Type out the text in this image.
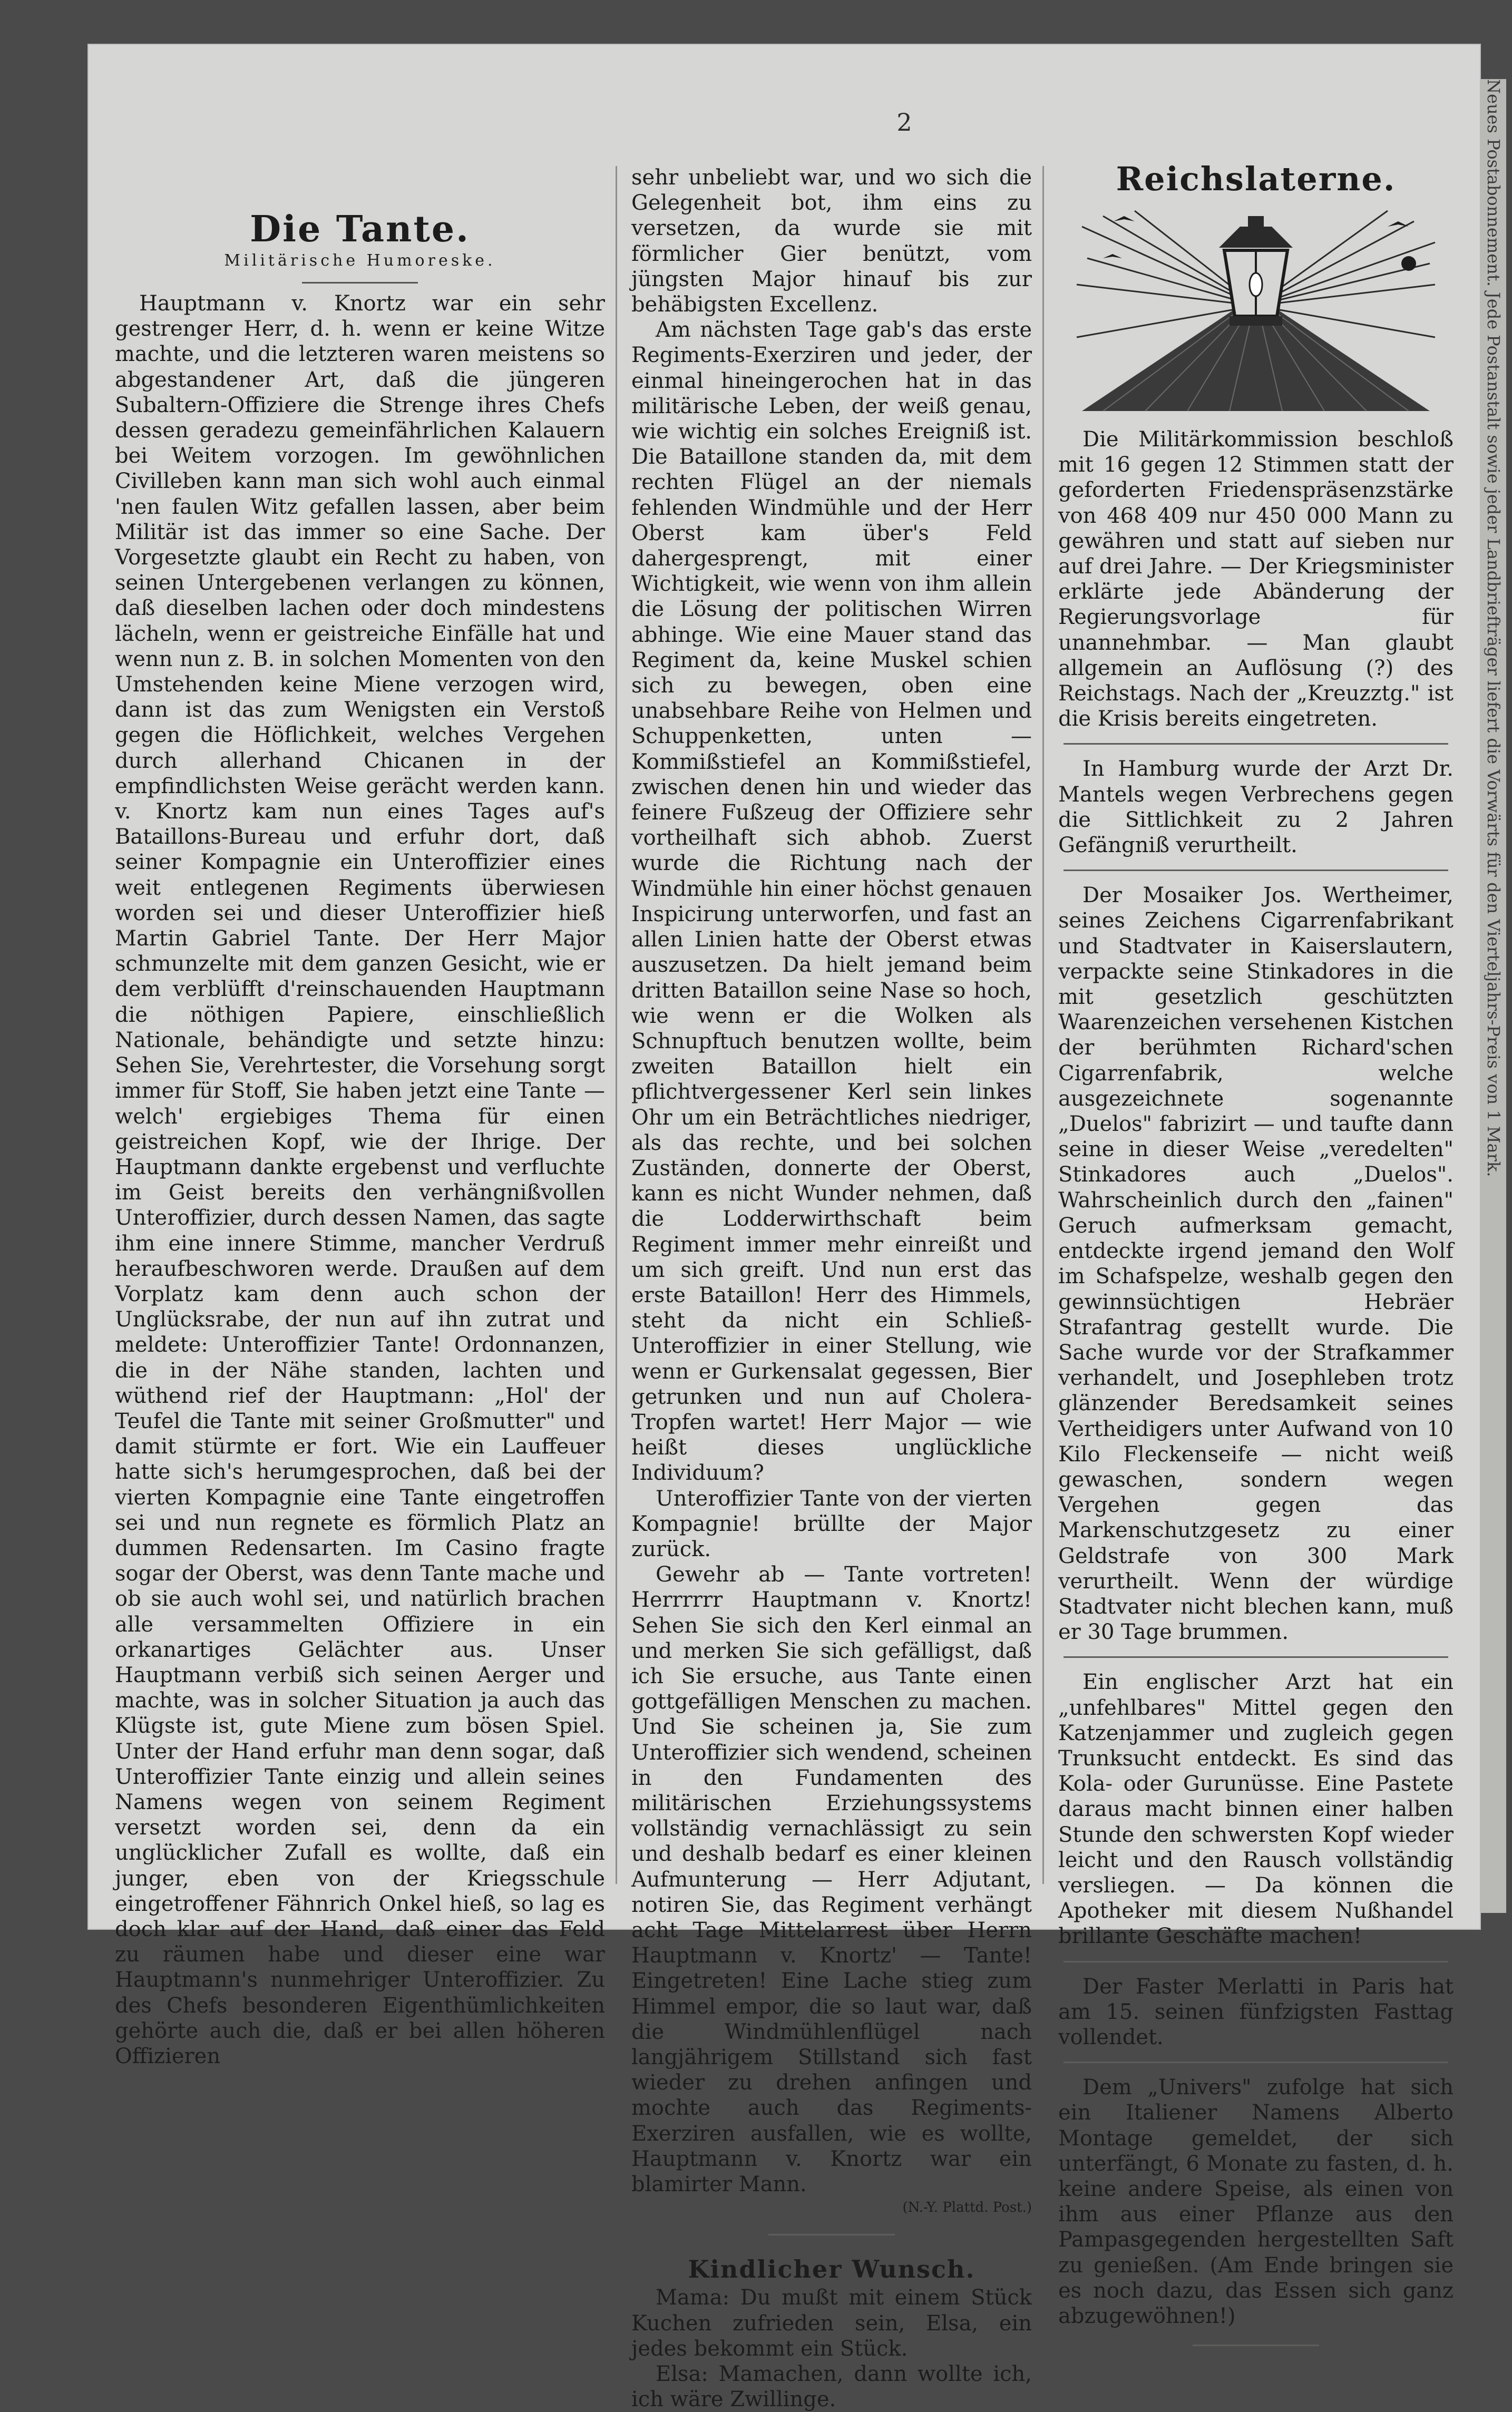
2

Die Tante.

Militärische Humoreske.

Hauptmann v. Knortz war ein sehr gestrenger Herr, d. h. wenn er keine Witze machte, und die letzteren waren meistens so abgestandener Art, daß die jüngeren Subaltern-Offiziere die Strenge ihres Chefs dessen geradezu gemeinfährlichen Kalauern bei Weitem vorzogen. Im gewöhnlichen Civilleben kann man sich wohl auch einmal 'nen faulen Witz gefallen lassen, aber beim Militär ist das immer so eine Sache. Der Vorgesetzte glaubt ein Recht zu haben, von seinen Untergebenen verlangen zu können, daß dieselben lachen oder doch mindestens lächeln, wenn er geistreiche Einfälle hat und wenn nun z. B. in solchen Momenten von den Umstehenden keine Miene verzogen wird, dann ist das zum Wenigsten ein Verstoß gegen die Höflichkeit, welches Vergehen durch allerhand Chicanen in der empfindlichsten Weise gerächt werden kann. v. Knortz kam nun eines Tages auf's Bataillons-Bureau und erfuhr dort, daß seiner Kompagnie ein Unteroffizier eines weit entlegenen Regiments überwiesen worden sei und dieser Unteroffizier hieß Martin Gabriel Tante. Der Herr Major schmunzelte mit dem ganzen Gesicht, wie er dem verblüfft d'reinschauenden Hauptmann die nöthigen Papiere, einschließlich Nationale, behändigte und setzte hinzu: Sehen Sie, Verehrtester, die Vorsehung sorgt immer für Stoff, Sie haben jetzt eine Tante — welch' ergiebiges Thema für einen geistreichen Kopf, wie der Ihrige. Der Hauptmann dankte ergebenst und verfluchte im Geist bereits den verhängnißvollen Unteroffizier, durch dessen Namen, das sagte ihm eine innere Stimme, mancher Verdruß heraufbeschworen werde. Draußen auf dem Vorplatz kam denn auch schon der Unglücksrabe, der nun auf ihn zutrat und meldete: Unteroffizier Tante! Ordonnanzen, die in der Nähe standen, lachten und wüthend rief der Hauptmann: „Hol' der Teufel die Tante mit seiner Großmutter" und damit stürmte er fort. Wie ein Lauffeuer hatte sich's herumgesprochen, daß bei der vierten Kompagnie eine Tante eingetroffen sei und nun regnete es förmlich Platz an dummen Redensarten. Im Casino fragte sogar der Oberst, was denn Tante mache und ob sie auch wohl sei, und natürlich brachen alle versammelten Offiziere in ein orkanartiges Gelächter aus. Unser Hauptmann verbiß sich seinen Aerger und machte, was in solcher Situation ja auch das Klügste ist, gute Miene zum bösen Spiel. Unter der Hand erfuhr man denn sogar, daß Unteroffizier Tante einzig und allein seines Namens wegen von seinem Regiment versetzt worden sei, denn da ein unglücklicher Zufall es wollte, daß ein junger, eben von der Kriegsschule eingetroffener Fähnrich Onkel hieß, so lag es doch klar auf der Hand, daß einer das Feld zu räumen habe und dieser eine war Hauptmann's nunmehriger Unteroffizier. Zu des Chefs besonderen Eigenthümlichkeiten gehörte auch die, daß er bei allen höheren Offizieren

sehr unbeliebt war, und wo sich die Gelegenheit bot, ihm eins zu versetzen, da wurde sie mit förmlicher Gier benützt, vom jüngsten Major hinauf bis zur behäbigsten Excellenz.

Am nächsten Tage gab's das erste Regiments-Exerziren und jeder, der einmal hineingerochen hat in das militärische Leben, der weiß genau, wie wichtig ein solches Ereigniß ist. Die Bataillone standen da, mit dem rechten Flügel an der niemals fehlenden Windmühle und der Herr Oberst kam über's Feld dahergesprengt, mit einer Wichtigkeit, wie wenn von ihm allein die Lösung der politischen Wirren abhinge. Wie eine Mauer stand das Regiment da, keine Muskel schien sich zu bewegen, oben eine unabsehbare Reihe von Helmen und Schuppenketten, unten — Kommißstiefel an Kommißstiefel, zwischen denen hin und wieder das feinere Fußzeug der Offiziere sehr vortheilhaft sich abhob. Zuerst wurde die Richtung nach der Windmühle hin einer höchst genauen Inspicirung unterworfen, und fast an allen Linien hatte der Oberst etwas auszusetzen. Da hielt jemand beim dritten Bataillon seine Nase so hoch, wie wenn er die Wolken als Schnupftuch benutzen wollte, beim zweiten Bataillon hielt ein pflichtvergessener Kerl sein linkes Ohr um ein Beträchtliches niedriger, als das rechte, und bei solchen Zuständen, donnerte der Oberst, kann es nicht Wunder nehmen, daß die Lodderwirthschaft beim Regiment immer mehr einreißt und um sich greift. Und nun erst das erste Bataillon! Herr des Himmels, steht da nicht ein Schließ-Unteroffizier in einer Stellung, wie wenn er Gurkensalat gegessen, Bier getrunken und nun auf Cholera-Tropfen wartet! Herr Major — wie heißt dieses unglückliche Individuum?

Unteroffizier Tante von der vierten Kompagnie! brüllte der Major zurück.

Gewehr ab — Tante vortreten! Herrrrrr Hauptmann v. Knortz! Sehen Sie sich den Kerl einmal an und merken Sie sich gefälligst, daß ich Sie ersuche, aus Tante einen gottgefälligen Menschen zu machen. Und Sie scheinen ja, Sie zum Unteroffizier sich wendend, scheinen in den Fundamenten des militärischen Erziehungssystems vollständig vernachlässigt zu sein und deshalb bedarf es einer kleinen Aufmunterung — Herr Adjutant, notiren Sie, das Regiment verhängt acht Tage Mittelarrest über Herrn Hauptmann v. Knortz' — Tante! Eingetreten! Eine Lache stieg zum Himmel empor, die so laut war, daß die Windmühlenflügel nach langjährigem Stillstand sich fast wieder zu drehen anfingen und mochte auch das Regiments-Exerziren ausfallen, wie es wollte, Hauptmann v. Knortz war ein blamirter Mann.

(N.-Y. Plattd. Post.)

Kindlicher Wunsch.

Mama: Du mußt mit einem Stück Kuchen zufrieden sein, Elsa, ein jedes bekommt ein Stück.

Elsa: Mamachen, dann wollte ich, ich wäre Zwillinge.

Reichslaterne.

Die Militärkommission beschloß mit 16 gegen 12 Stimmen statt der geforderten Friedenspräsenzstärke von 468 409 nur 450 000 Mann zu gewähren und statt auf sieben nur auf drei Jahre. — Der Kriegsminister erklärte jede Abänderung der Regierungsvorlage für unannehmbar. — Man glaubt allgemein an Auflösung (?) des Reichstags. Nach der „Kreuzztg." ist die Krisis bereits eingetreten.

In Hamburg wurde der Arzt Dr. Mantels wegen Verbrechens gegen die Sittlichkeit zu 2 Jahren Gefängniß verurtheilt.

Der Mosaiker Jos. Wertheimer, seines Zeichens Cigarrenfabrikant und Stadtvater in Kaiserslautern, verpackte seine Stinkadores in die mit gesetzlich geschützten Waarenzeichen versehenen Kistchen der berühmten Richard'schen Cigarrenfabrik, welche ausgezeichnete sogenannte „Duelos" fabrizirt — und taufte dann seine in dieser Weise „veredelten" Stinkadores auch „Duelos". Wahrscheinlich durch den „fainen" Geruch aufmerksam gemacht, entdeckte irgend jemand den Wolf im Schafspelze, weshalb gegen den gewinnsüchtigen Hebräer Strafantrag gestellt wurde. Die Sache wurde vor der Strafkammer verhandelt, und Josephleben trotz glänzender Beredsamkeit seines Vertheidigers unter Aufwand von 10 Kilo Fleckenseife — nicht weiß gewaschen, sondern wegen Vergehen gegen das Markenschutzgesetz zu einer Geldstrafe von 300 Mark verurtheilt. Wenn der würdige Stadtvater nicht blechen kann, muß er 30 Tage brummen.

Ein englischer Arzt hat ein „unfehlbares" Mittel gegen den Katzenjammer und zugleich gegen Trunksucht entdeckt. Es sind das Kola- oder Gurunüsse. Eine Pastete daraus macht binnen einer halben Stunde den schwersten Kopf wieder leicht und den Rausch vollständig versliegen. — Da können die Apotheker mit diesem Nußhandel brillante Geschäfte machen!

Der Faster Merlatti in Paris hat am 15. seinen fünfzigsten Fasttag vollendet.

Dem „Univers" zufolge hat sich ein Italiener Namens Alberto Montage gemeldet, der sich unterfängt, 6 Monate zu fasten, d. h. keine andere Speise, als einen von ihm aus einer Pflanze aus den Pampasgegenden hergestellten Saft zu genießen. (Am Ende bringen sie es noch dazu, das Essen sich ganz abzugewöhnen!)

Neues Postabonnement. Jede Postanstalt sowie jeder Landbriefträger liefert die Vorwärts für den Vierteljahrs-Preis von 1 Mark.
